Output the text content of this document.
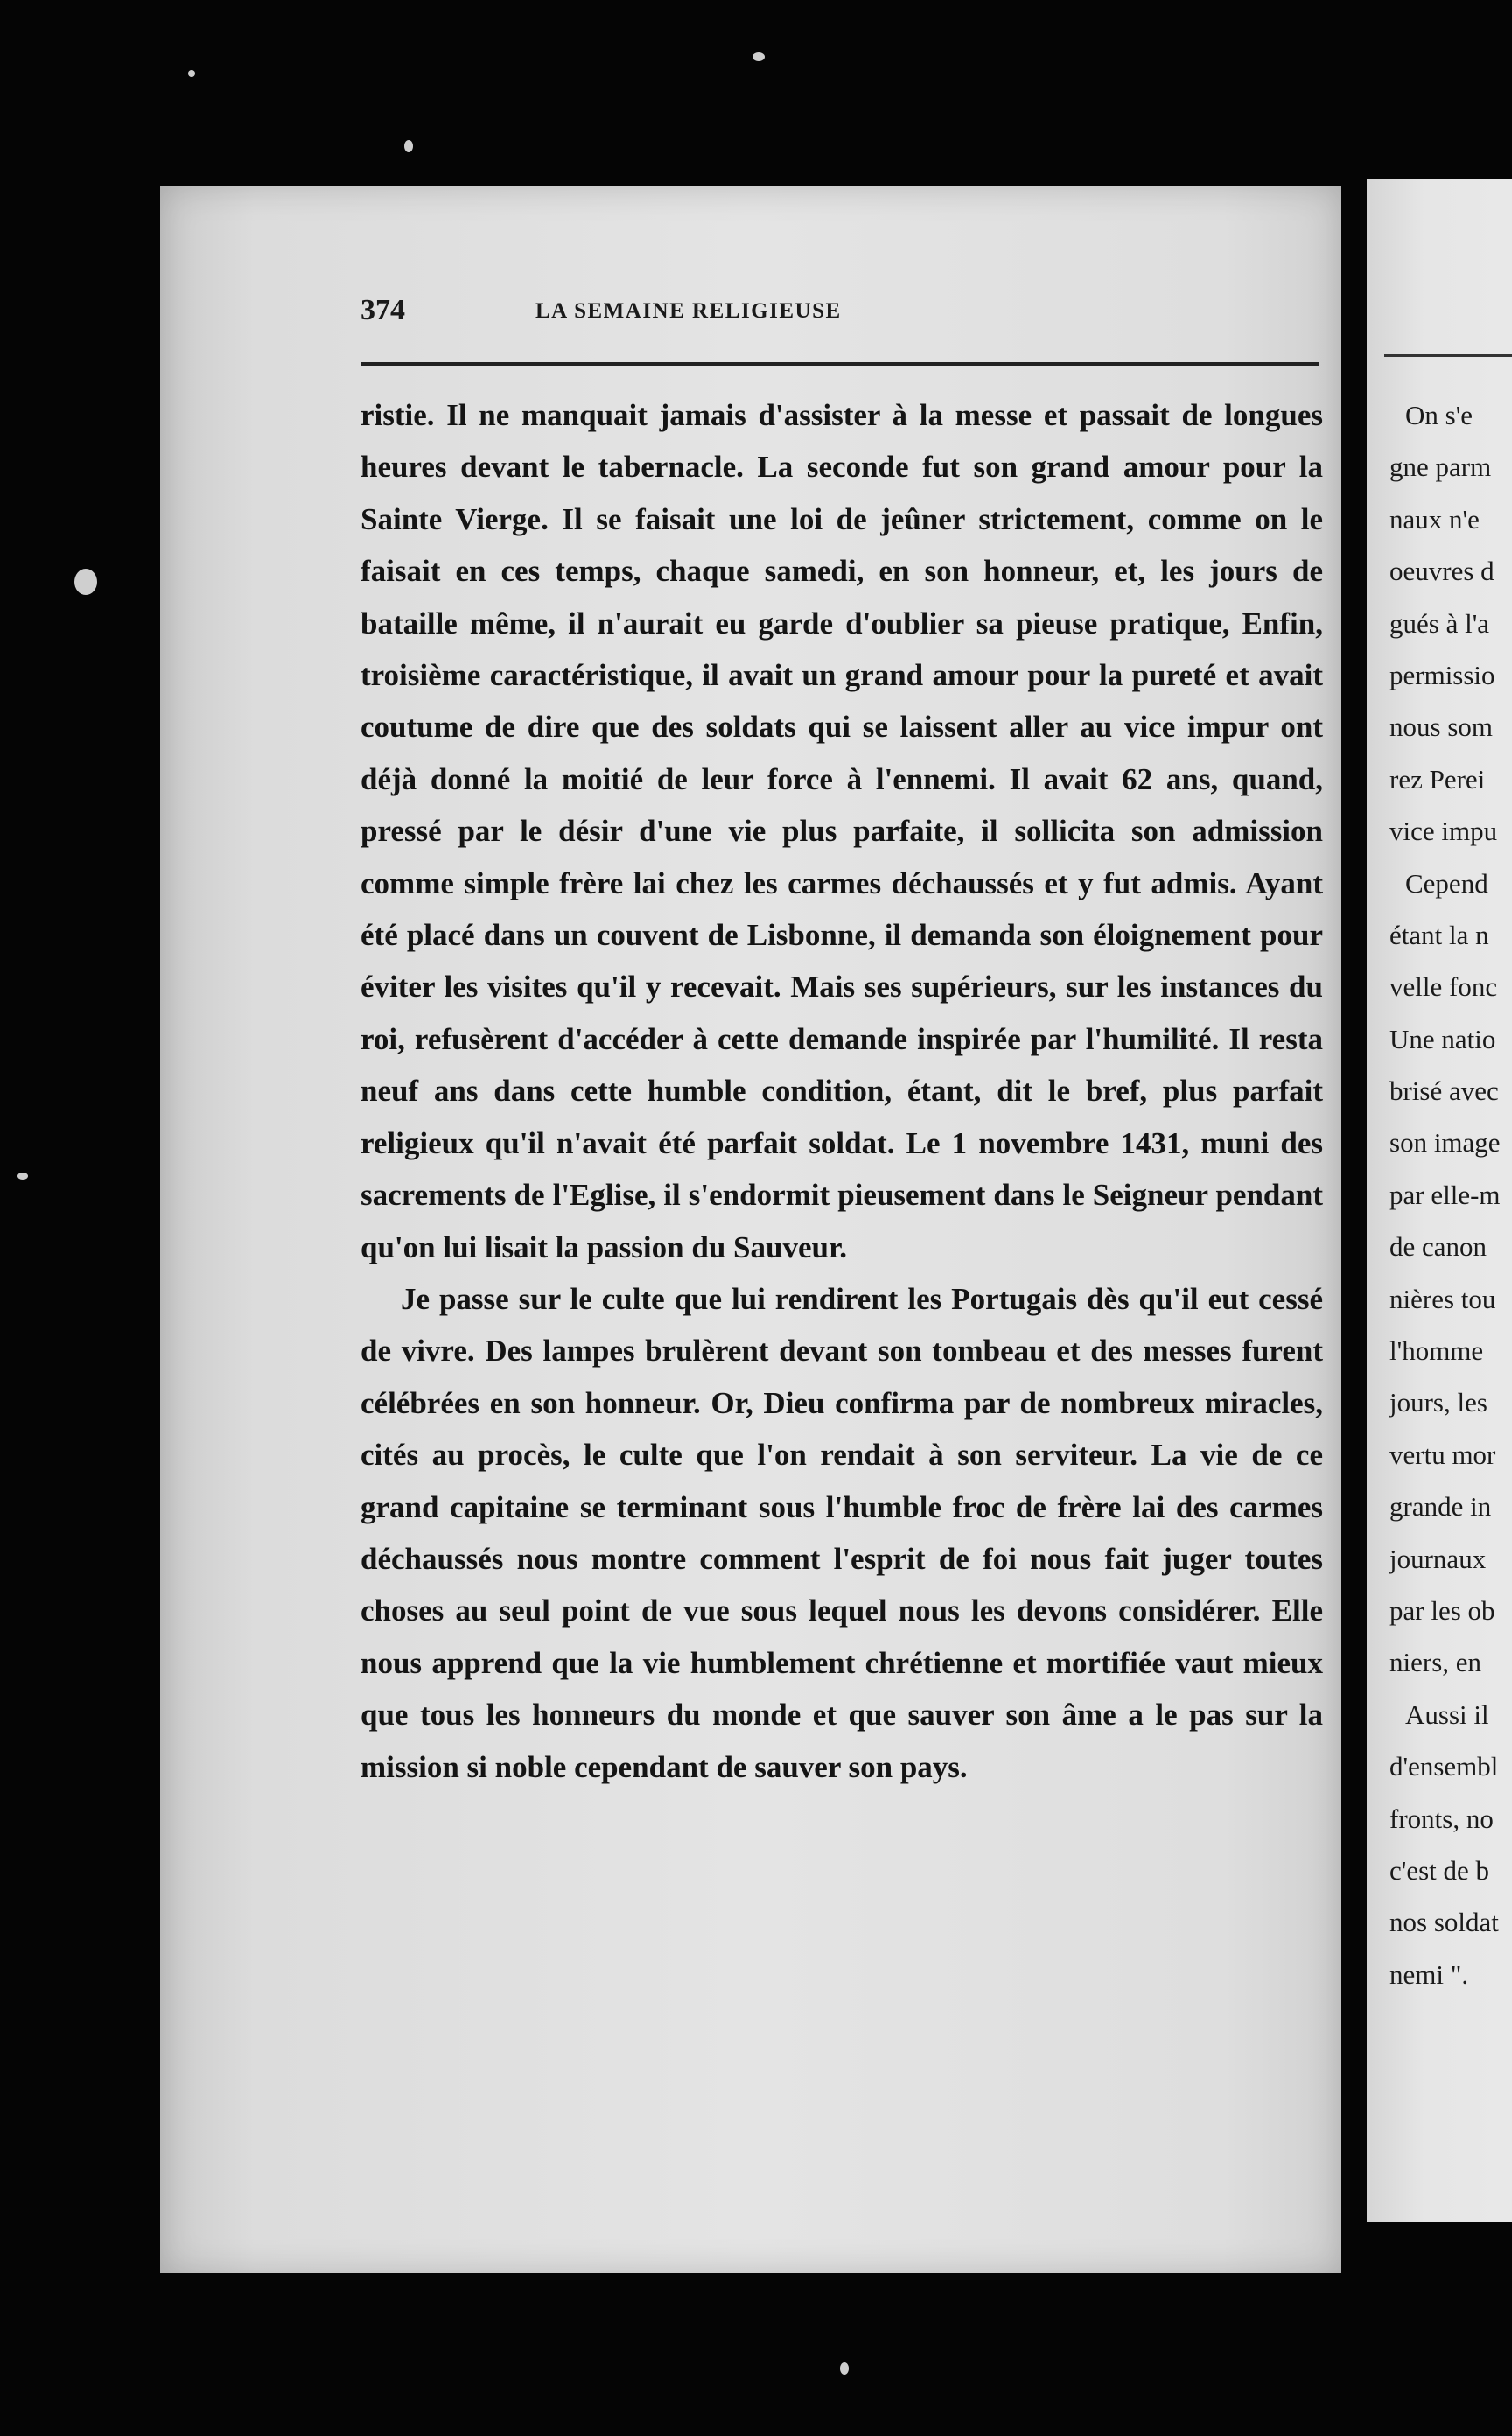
374	LA SEMAINE RELIGIEUSE

ristie. Il ne manquait jamais d'assister à la messe et passait de longues heures devant le tabernacle. La seconde fut son grand amour pour la Sainte Vierge. Il se faisait une loi de jeûner strictement, comme on le faisait en ces temps, chaque samedi, en son honneur, et, les jours de bataille même, il n'aurait eu garde d'oublier sa pieuse pratique, Enfin, troisième caractéristique, il avait un grand amour pour la pureté et avait coutume de dire que des soldats qui se laissent aller au vice impur ont déjà donné la moitié de leur force à l'ennemi. Il avait 62 ans, quand, pressé par le désir d'une vie plus parfaite, il sollicita son admission comme simple frère lai chez les carmes déchaussés et y fut admis. Ayant été placé dans un couvent de Lisbonne, il demanda son éloignement pour éviter les visites qu'il y recevait. Mais ses supérieurs, sur les instances du roi, refusèrent d'accéder à cette demande inspirée par l'humilité. Il resta neuf ans dans cette humble condition, étant, dit le bref, plus parfait religieux qu'il n'avait été parfait soldat. Le 1 novembre 1431, muni des sacrements de l'Eglise, il s'endormit pieusement dans le Seigneur pendant qu'on lui lisait la passion du Sauveur.

Je passe sur le culte que lui rendirent les Portugais dès qu'il eut cessé de vivre. Des lampes brulèrent devant son tombeau et des messes furent célébrées en son honneur. Or, Dieu confirma par de nombreux miracles, cités au procès, le culte que l'on rendait à son serviteur. La vie de ce grand capitaine se terminant sous l'humble froc de frère lai des carmes déchaussés nous montre comment l'esprit de foi nous fait juger toutes choses au seul point de vue sous lequel nous les devons considérer. Elle nous apprend que la vie humblement chrétienne et mortifiée vaut mieux que tous les honneurs du monde et que sauver son âme a le pas sur la mission si noble cependant de sauver son pays.

On s'e
gne parm
naux n'e
oeuvres d
gués à l'a
permissio
nous som
rez Perei
vice impu
Cepend
étant la n
velle fonc
Une natio
brisé avec
son image
par elle-m
de canon
nières tou
l'homme
jours, les
vertu mor
grande in
journaux
par les ob
niers, en
Aussi il
d'ensembl
fronts, no
c'est de b
nos soldat
nemi ".
